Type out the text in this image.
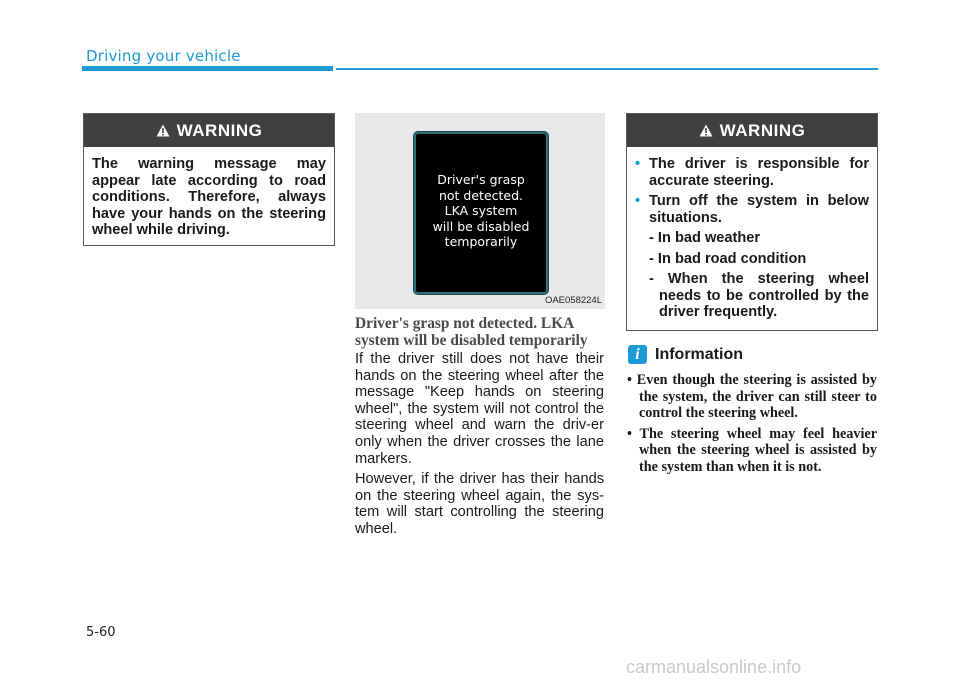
Driving your vehicle
WARNING
The warning message may appear late according to road conditions. Therefore, always have your hands on the steering wheel while driving.
Driver's grasp
not detected.
LKA system
will be disabled
temporarily
OAE058224L
Driver's grasp not detected. LKA system will be disabled temporarily
If the driver still does not have their hands on the steering wheel after the message "Keep hands on steering wheel", the system will not control the steering wheel and warn the driv-er only when the driver crosses the lane markers.
However, if the driver has their hands on the steering wheel again, the sys-tem will start controlling the steering wheel.
WARNING
• The driver is responsible for accurate steering.
• Turn off the system in below situations.
- In bad weather
- In bad road condition
- When the steering wheel needs to be controlled by the driver frequently.
i Information
• Even though the steering is assisted by the system, the driver can still steer to control the steering wheel.
• The steering wheel may feel heavier when the steering wheel is assisted by the system than when it is not.
5-60
carmanualsonline.info
